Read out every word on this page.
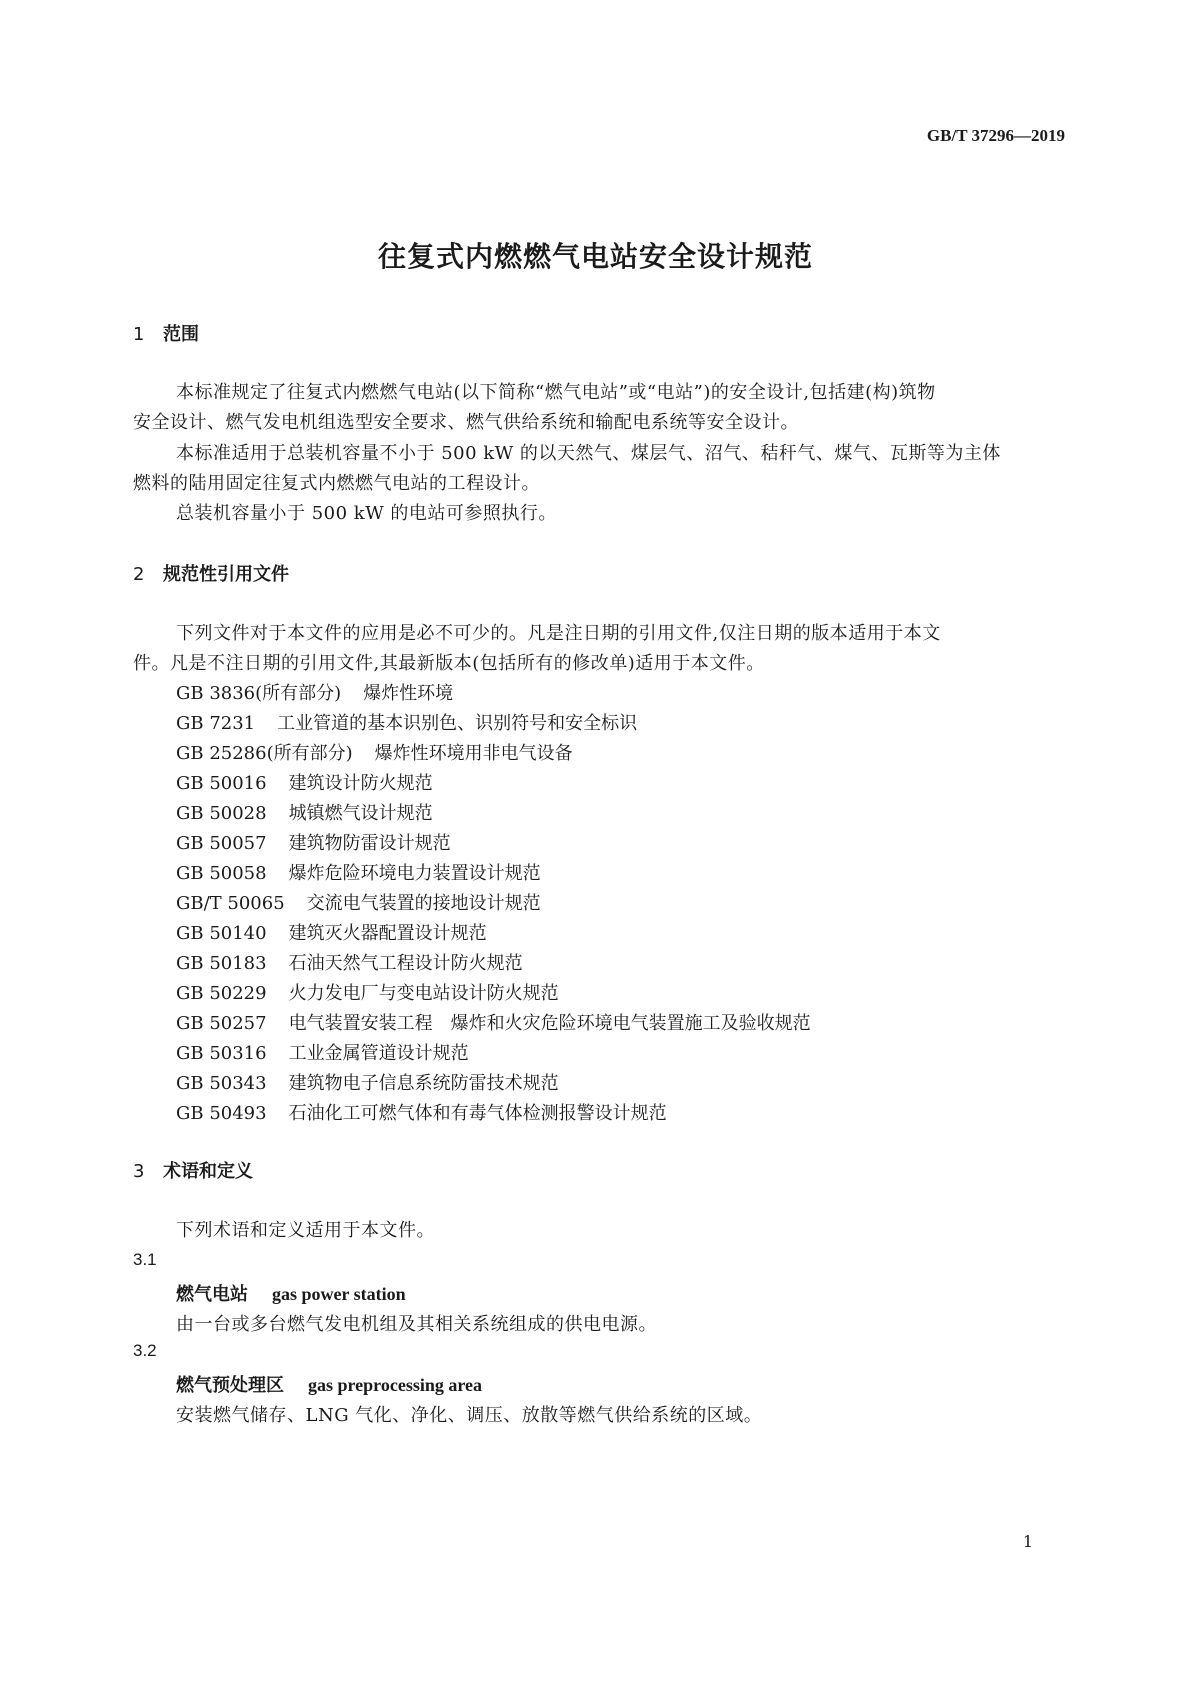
GB/T 37296—2019
往复式内燃燃气电站安全设计规范
1 范围
本标准规定了往复式内燃燃气电站(以下简称“燃气电站”或“电站”)的安全设计,包括建(构)筑物
安全设计、燃气发电机组选型安全要求、燃气供给系统和输配电系统等安全设计。
本标准适用于总装机容量不小于 500 kW 的以天然气、煤层气、沼气、秸秆气、煤气、瓦斯等为主体
燃料的陆用固定往复式内燃燃气电站的工程设计。
总装机容量小于 500 kW 的电站可参照执行。
2 规范性引用文件
下列文件对于本文件的应用是必不可少的。凡是注日期的引用文件,仅注日期的版本适用于本文
件。凡是不注日期的引用文件,其最新版本(包括所有的修改单)适用于本文件。
GB 3836(所有部分) 爆炸性环境
GB 7231 工业管道的基本识别色、识别符号和安全标识
GB 25286(所有部分) 爆炸性环境用非电气设备
GB 50016 建筑设计防火规范
GB 50028 城镇燃气设计规范
GB 50057 建筑物防雷设计规范
GB 50058 爆炸危险环境电力装置设计规范
GB/T 50065 交流电气装置的接地设计规范
GB 50140 建筑灭火器配置设计规范
GB 50183 石油天然气工程设计防火规范
GB 50229 火力发电厂与变电站设计防火规范
GB 50257 电气装置安装工程　爆炸和火灾危险环境电气装置施工及验收规范
GB 50316 工业金属管道设计规范
GB 50343 建筑物电子信息系统防雷技术规范
GB 50493 石油化工可燃气体和有毒气体检测报警设计规范
3 术语和定义
下列术语和定义适用于本文件。
3.1
燃气电站 gas power station
由一台或多台燃气发电机组及其相关系统组成的供电电源。
3.2
燃气预处理区 gas preprocessing area
安装燃气储存、LNG 气化、净化、调压、放散等燃气供给系统的区域。
1
